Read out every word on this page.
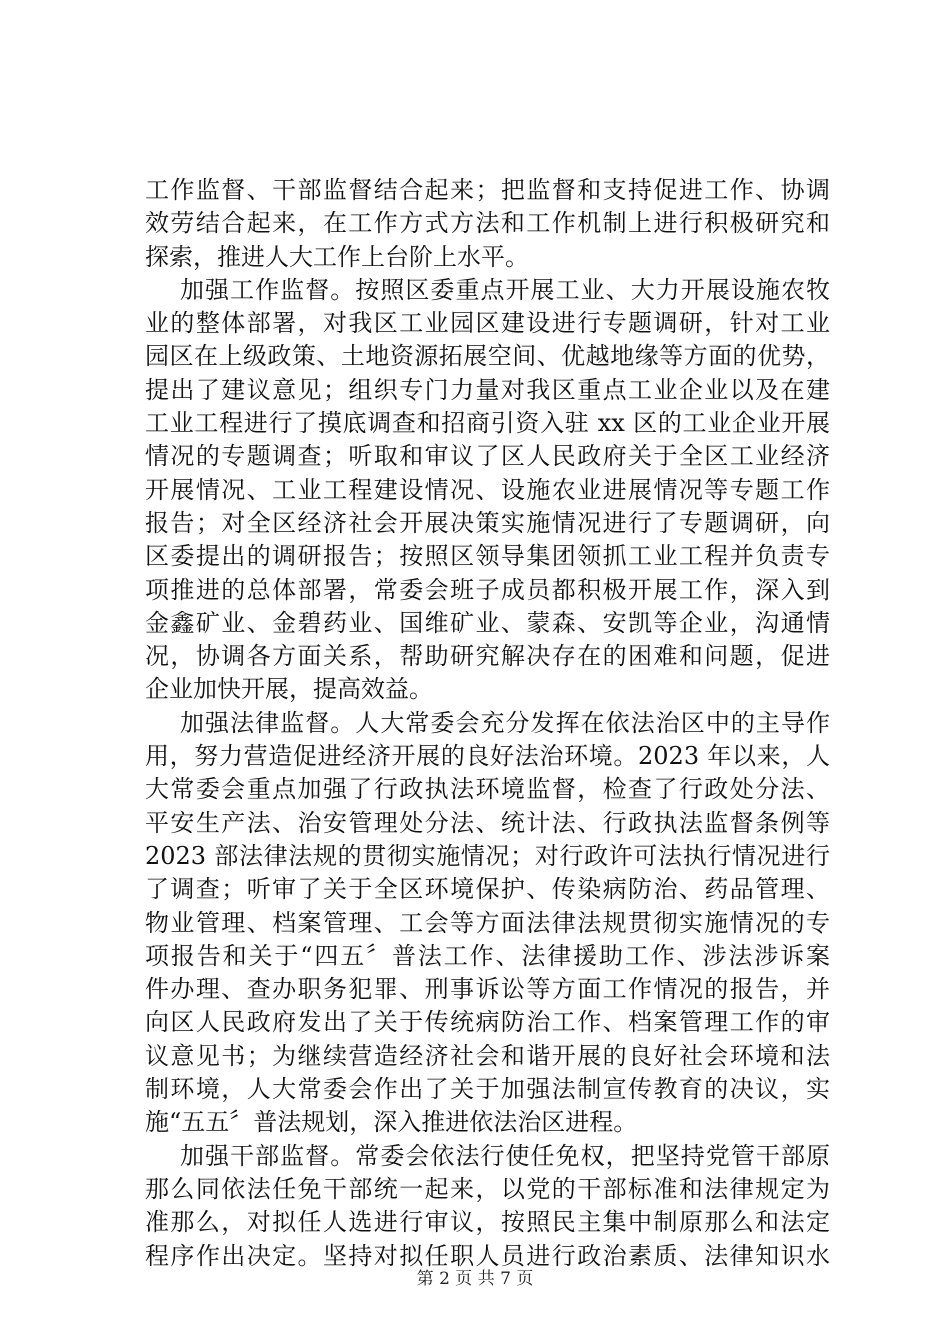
工作监督、干部监督结合起来；把监督和支持促进工作、协调
效劳结合起来，在工作方式方法和工作机制上进行积极研究和
探索，推进人大工作上台阶上水平。
加强工作监督。按照区委重点开展工业、大力开展设施农牧
业的整体部署，对我区工业园区建设进行专题调研，针对工业
园区在上级政策、土地资源拓展空间、优越地缘等方面的优势，
提出了建议意见；组织专门力量对我区重点工业企业以及在建
工业工程进行了摸底调查和招商引资入驻 xx 区的工业企业开展
情况的专题调查；听取和审议了区人民政府关于全区工业经济
开展情况、工业工程建设情况、设施农业进展情况等专题工作
报告；对全区经济社会开展决策实施情况进行了专题调研，向
区委提出的调研报告；按照区领导集团领抓工业工程并负责专
项推进的总体部署，常委会班子成员都积极开展工作，深入到
金鑫矿业、金碧药业、国维矿业、蒙森、安凯等企业，沟通情
况，协调各方面关系，帮助研究解决存在的困难和问题，促进
企业加快开展，提高效益。
加强法律监督。人大常委会充分发挥在依法治区中的主导作
用，努力营造促进经济开展的良好法治环境。2023 年以来，人
大常委会重点加强了行政执法环境监督，检查了行政处分法、
平安生产法、治安管理处分法、统计法、行政执法监督条例等
2023 部法律法规的贯彻实施情况；对行政许可法执行情况进行
了调查；听审了关于全区环境保护、传染病防治、药品管理、
物业管理、档案管理、工会等方面法律法规贯彻实施情况的专
项报告和关于“四五〞普法工作、法律援助工作、涉法涉诉案
件办理、查办职务犯罪、刑事诉讼等方面工作情况的报告，并
向区人民政府发出了关于传统病防治工作、档案管理工作的审
议意见书；为继续营造经济社会和谐开展的良好社会环境和法
制环境，人大常委会作出了关于加强法制宣传教育的决议，实
施“五五〞普法规划，深入推进依法治区进程。
加强干部监督。常委会依法行使任免权，把坚持党管干部原
那么同依法任免干部统一起来，以党的干部标准和法律规定为
准那么，对拟任人选进行审议，按照民主集中制原那么和法定
程序作出决定。坚持对拟任职人员进行政治素质、法律知识水
第 2 页 共 7 页
